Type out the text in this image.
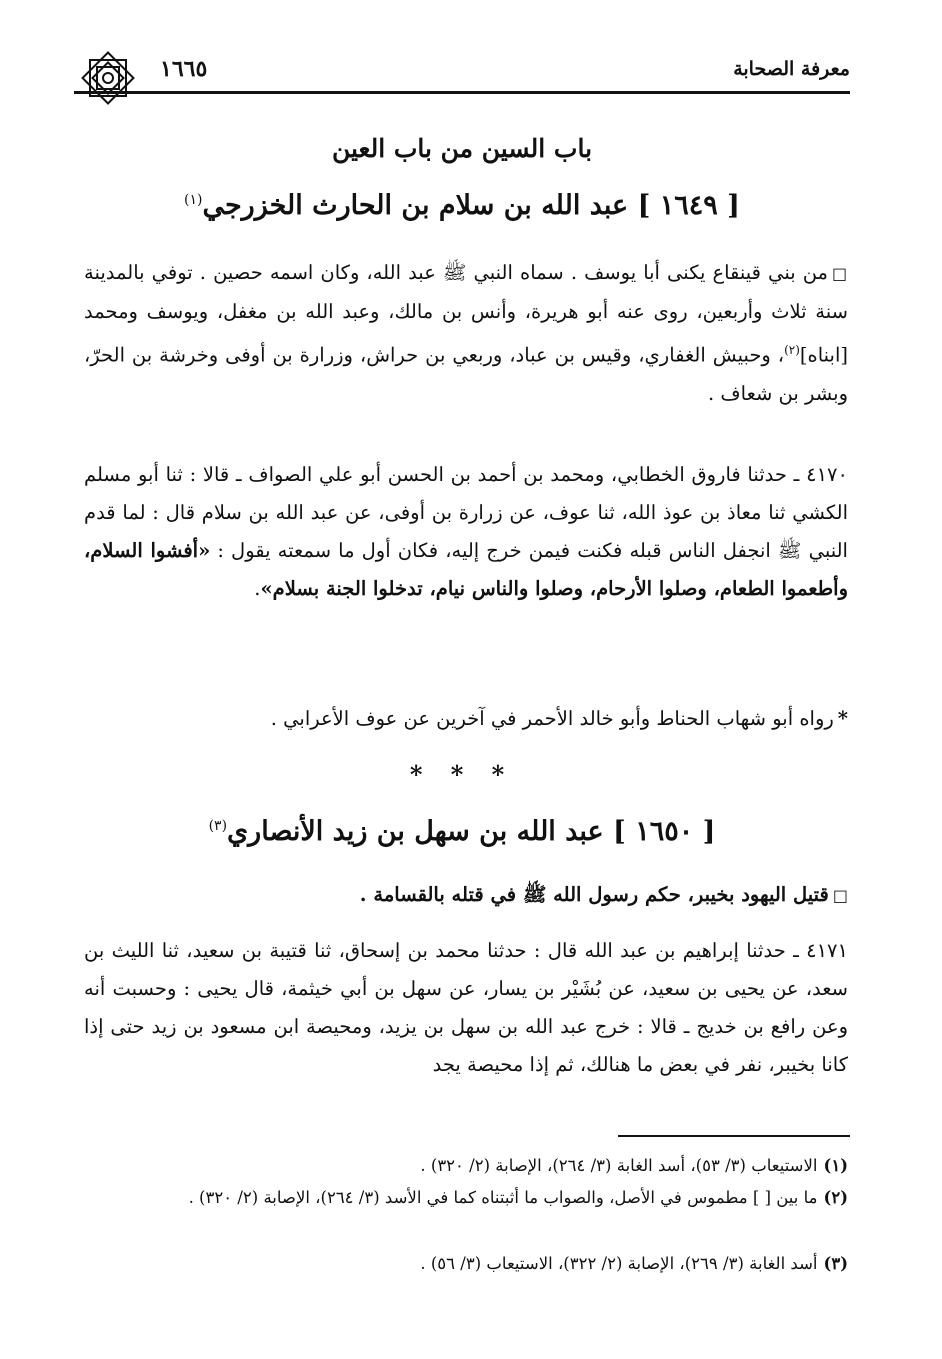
معرفة الصحابة
١٦٦٥
باب السين من باب العين
[ ١٦٤٩ ] عبد الله بن سلام بن الحارث الخزرجي$^{(١)}$

□من بني قينقاع يكنى أبا يوسف . سماه النبي ﷺ عبد الله، وكان اسمه حصين . توفي بالمدينة سنة ثلاث وأربعين، روى عنه أبو هريرة، وأنس بن مالك، وعبد الله بن مغفل، ويوسف ومحمد [ابناه]$^{(٢)}$، وحبيش الغفاري، وقيس بن عباد، وربعي بن حراش، وزرارة بن أوفى وخرشة بن الحرّ، وبشر بن شعاف .

٤١٧٠ ـ حدثنا فاروق الخطابي، ومحمد بن أحمد بن الحسن أبو علي الصواف ـ قالا : ثنا أبو مسلم الكشي ثنا معاذ بن عوذ الله، ثنا عوف، عن زرارة بن أوفى، عن عبد الله بن سلام قال : لما قدم النبي ﷺ انجفل الناس قبله فكنت فيمن خرج إليه، فكان أول ما سمعته يقول : «أفشوا السلام، وأطعموا الطعام، وصلوا الأرحام، وصلوا والناس نيام، تدخلوا الجنة بسلام».

*رواه أبو شهاب الحناط وأبو خالد الأحمر في آخرين عن عوف الأعرابي .

* * *
[ ١٦٥٠ ] عبد الله بن سهل بن زيد الأنصاري$^{(٣)}$

□قتيل اليهود بخيبر، حكم رسول الله ﷺ في قتله بالقسامة .

٤١٧١ ـ حدثنا إبراهيم بن عبد الله قال : حدثنا محمد بن إسحاق، ثنا قتيبة بن سعيد، ثنا الليث بن سعد، عن يحيى بن سعيد، عن بُشَيْر بن يسار، عن سهل بن أبي خيثمة، قال يحيى : وحسبت أنه وعن رافع بن خديج ـ قالا : خرج عبد الله بن سهل بن يزيد، ومحيصة ابن مسعود بن زيد حتى إذا كانا بخيبر، نفر في بعض ما هنالك، ثم إذا محيصة يجد

(١)الاستيعاب (٣/ ٥٣)، أسد الغابة (٣/ ٢٦٤)، الإصابة (٢/ ٣٢٠) .

(٢)ما بين [ ] مطموس في الأصل، والصواب ما أثبتناه كما في الأسد (٣/ ٢٦٤)، الإصابة (٢/ ٣٢٠) .

(٣)أسد الغابة (٣/ ٢٦٩)، الإصابة (٢/ ٣٢٢)، الاستيعاب (٣/ ٥٦) .
